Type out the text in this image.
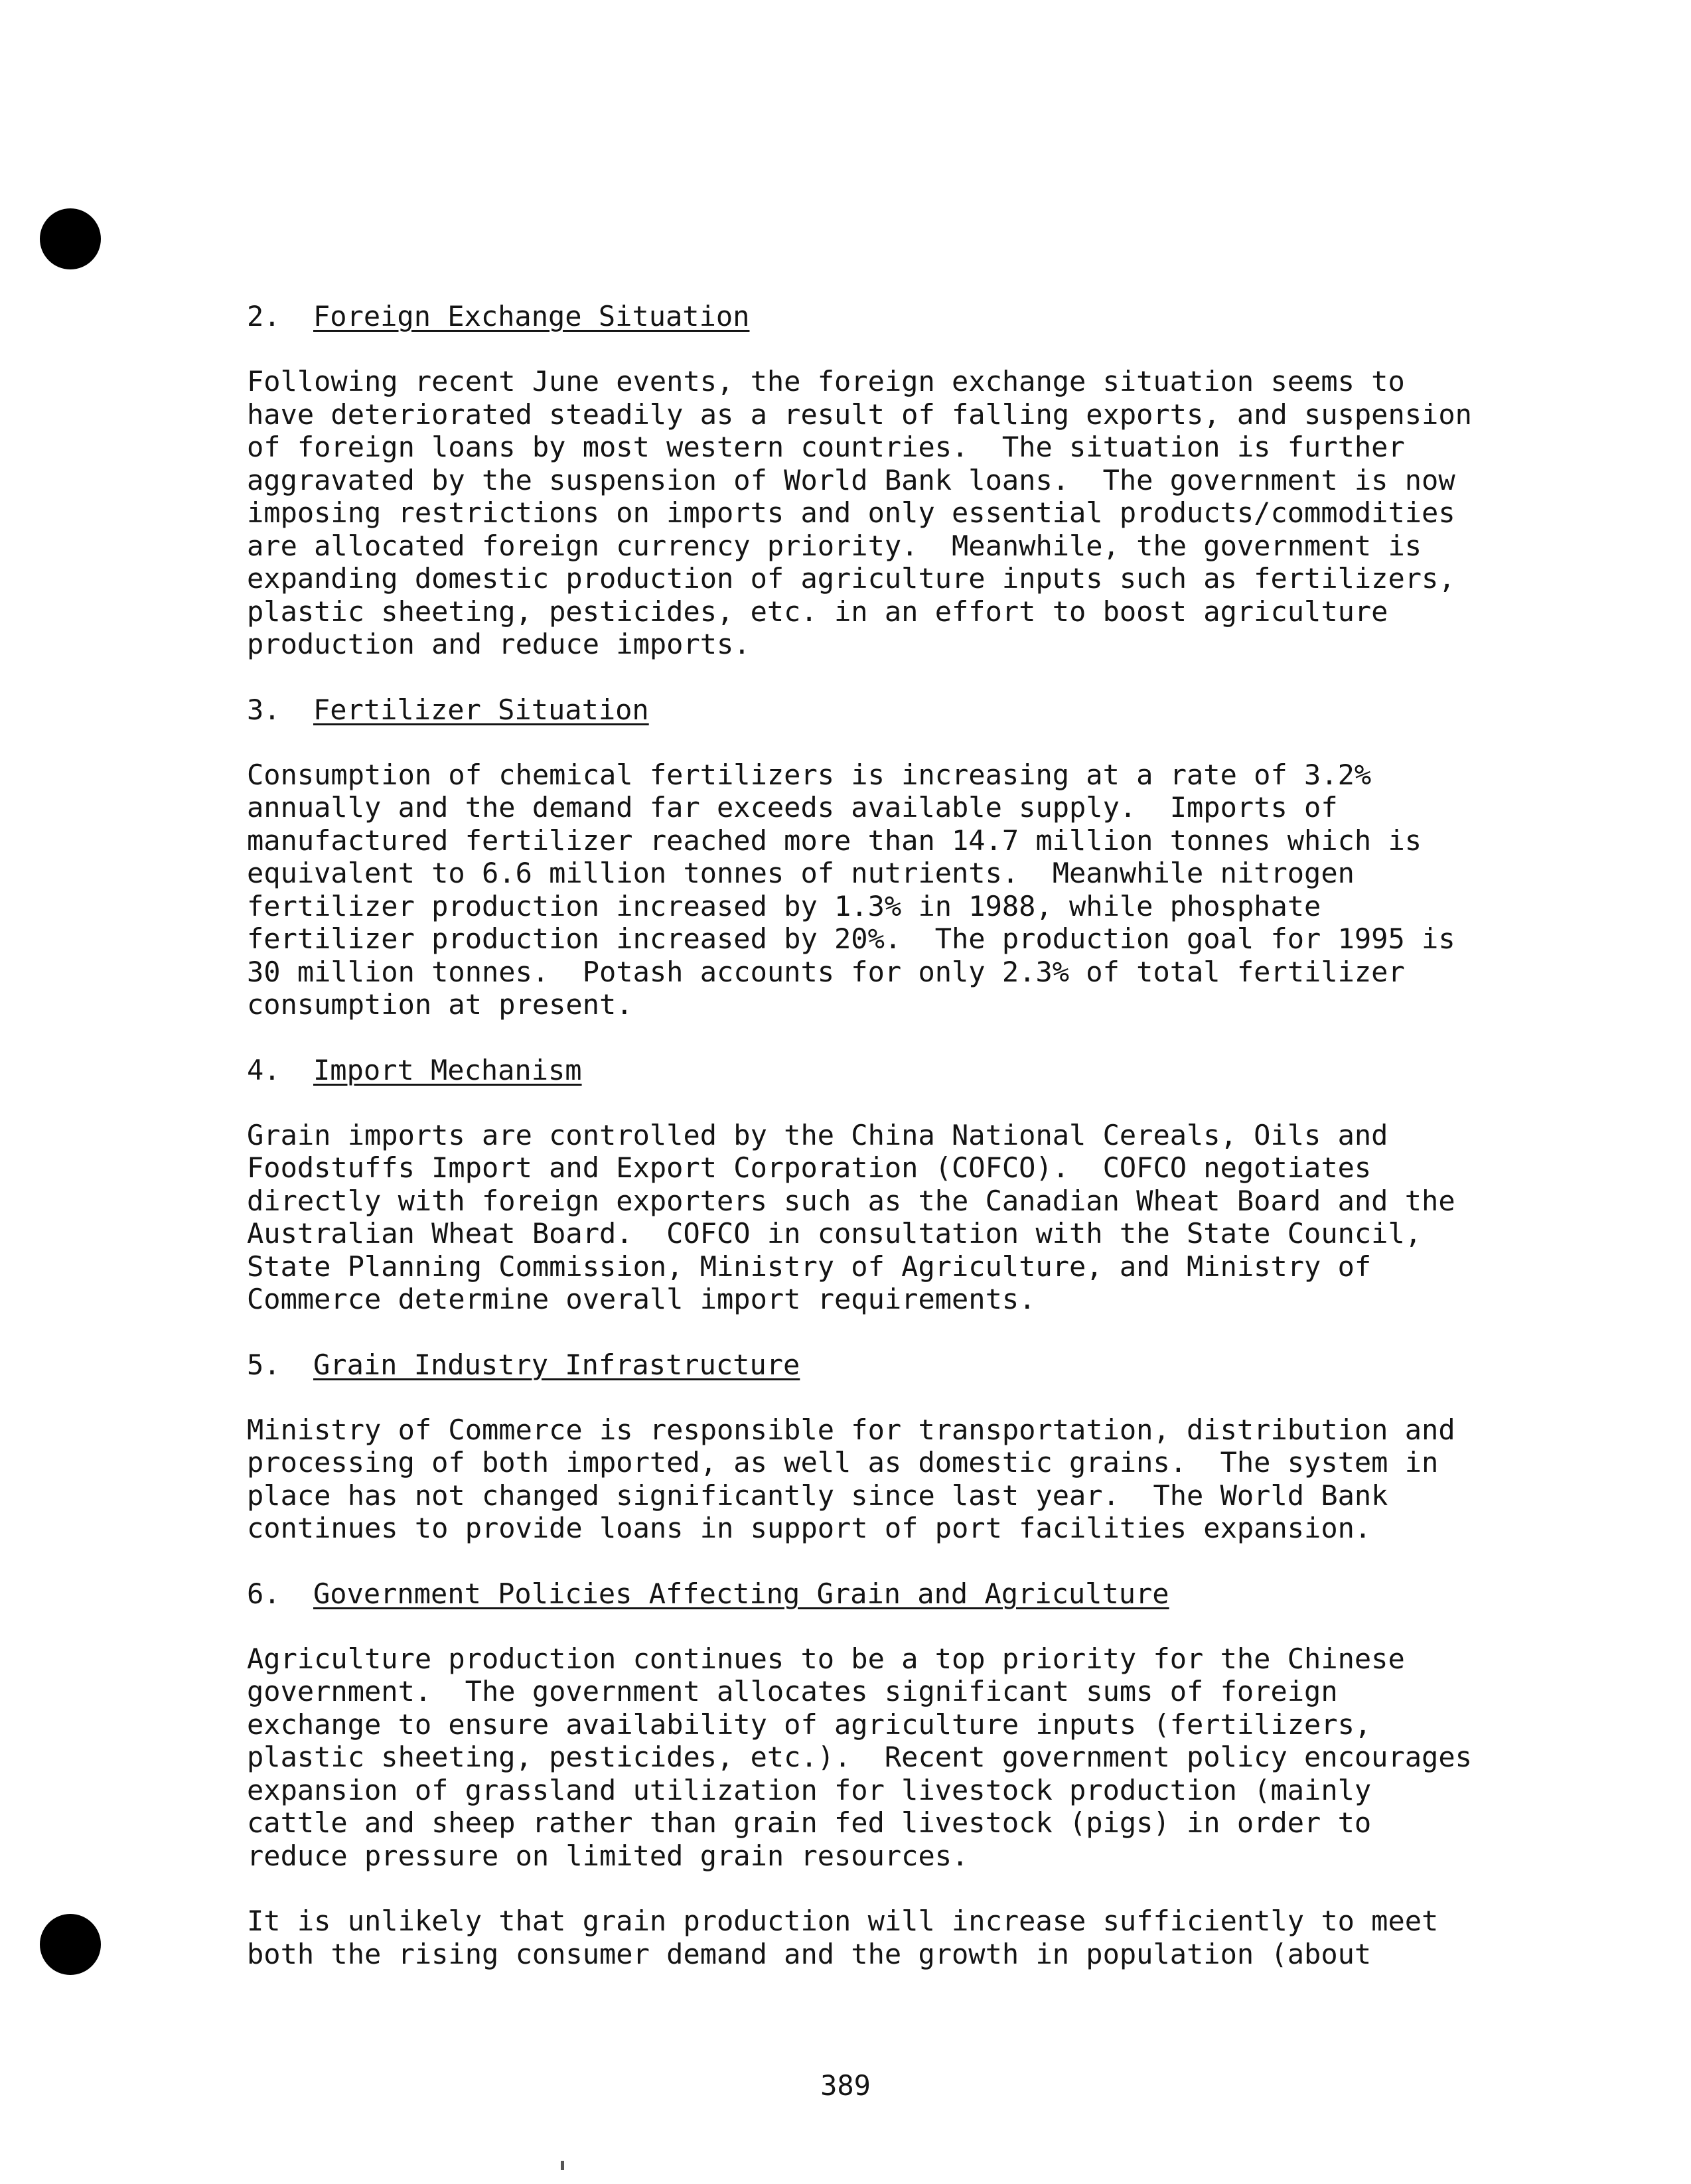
2. Foreign Exchange Situation
Following recent June events, the foreign exchange situation seems to
have deteriorated steadily as a result of falling exports, and suspension
of foreign loans by most western countries.  The situation is further
aggravated by the suspension of World Bank loans.  The government is now
imposing restrictions on imports and only essential products/commodities
are allocated foreign currency priority.  Meanwhile, the government is
expanding domestic production of agriculture inputs such as fertilizers,
plastic sheeting, pesticides, etc. in an effort to boost agriculture
production and reduce imports.
3. Fertilizer Situation
Consumption of chemical fertilizers is increasing at a rate of 3.2%
annually and the demand far exceeds available supply.  Imports of
manufactured fertilizer reached more than 14.7 million tonnes which is
equivalent to 6.6 million tonnes of nutrients.  Meanwhile nitrogen
fertilizer production increased by 1.3% in 1988, while phosphate
fertilizer production increased by 20%.  The production goal for 1995 is
30 million tonnes.  Potash accounts for only 2.3% of total fertilizer
consumption at present.
4. Import Mechanism
Grain imports are controlled by the China National Cereals, Oils and
Foodstuffs Import and Export Corporation (COFCO).  COFCO negotiates
directly with foreign exporters such as the Canadian Wheat Board and the
Australian Wheat Board.  COFCO in consultation with the State Council,
State Planning Commission, Ministry of Agriculture, and Ministry of
Commerce determine overall import requirements.
5. Grain Industry Infrastructure
Ministry of Commerce is responsible for transportation, distribution and
processing of both imported, as well as domestic grains.  The system in
place has not changed significantly since last year.  The World Bank
continues to provide loans in support of port facilities expansion.
6. Government Policies Affecting Grain and Agriculture
Agriculture production continues to be a top priority for the Chinese
government.  The government allocates significant sums of foreign
exchange to ensure availability of agriculture inputs (fertilizers,
plastic sheeting, pesticides, etc.).  Recent government policy encourages
expansion of grassland utilization for livestock production (mainly
cattle and sheep rather than grain fed livestock (pigs) in order to
reduce pressure on limited grain resources.
It is unlikely that grain production will increase sufficiently to meet
both the rising consumer demand and the growth in population (about
389
